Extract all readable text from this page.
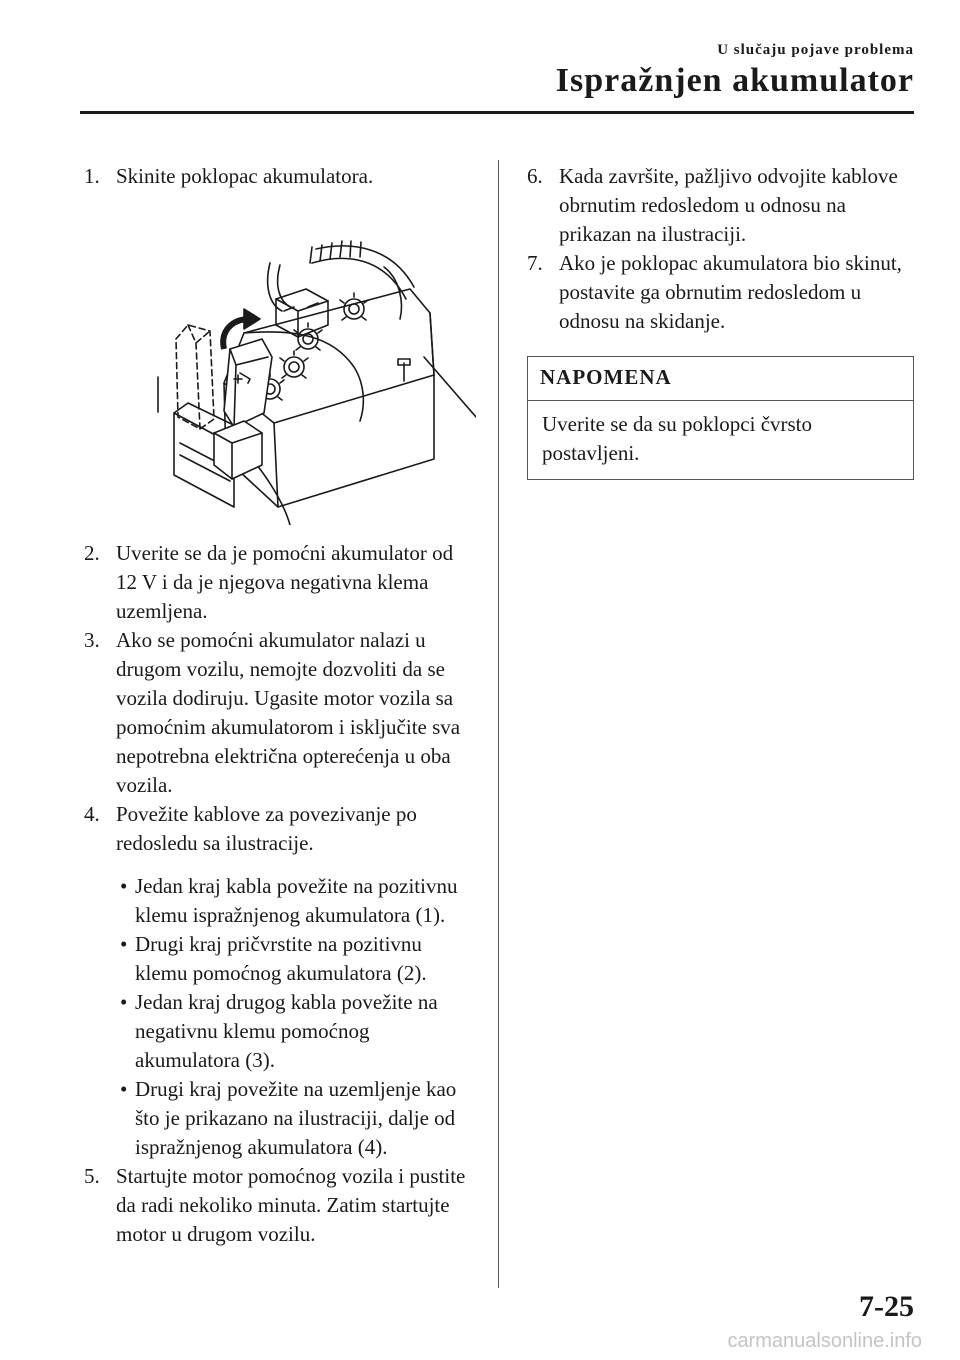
U slučaju pojave problema
Ispražnjen akumulator

1. Skinite poklopac akumulatora.

2. Uverite se da je pomoćni akumulator od 12 V i da je njegova negativna klema uzemljena.

3. Ako se pomoćni akumulator nalazi u drugom vozilu, nemojte dozvoliti da se vozila dodiruju. Ugasite motor vozila sa pomoćnim akumulatorom i isključite sva nepotrebna električna opterećenja u oba vozila.

4. Povežite kablove za povezivanje po redosledu sa ilustracije.

• Jedan kraj kabla povežite na pozitivnu klemu ispražnjenog akumulatora (1).

• Drugi kraj pričvrstite na pozitivnu klemu pomoćnog akumulatora (2).

• Jedan kraj drugog kabla povežite na negativnu klemu pomoćnog akumulatora (3).

• Drugi kraj povežite na uzemljenje kao što je prikazano na ilustraciji, dalje od ispražnjenog akumulatora (4).

5. Startujte motor pomoćnog vozila i pustite da radi nekoliko minuta. Zatim startujte motor u drugom vozilu.

6. Kada završite, pažljivo odvojite kablove obrnutim redosledom u odnosu na prikazan na ilustraciji.

7. Ako je poklopac akumulatora bio skinut, postavite ga obrnutim redosledom u odnosu na skidanje.

NAPOMENA
Uverite se da su poklopci čvrsto postavljeni.
7-25
carmanualsonline.info
